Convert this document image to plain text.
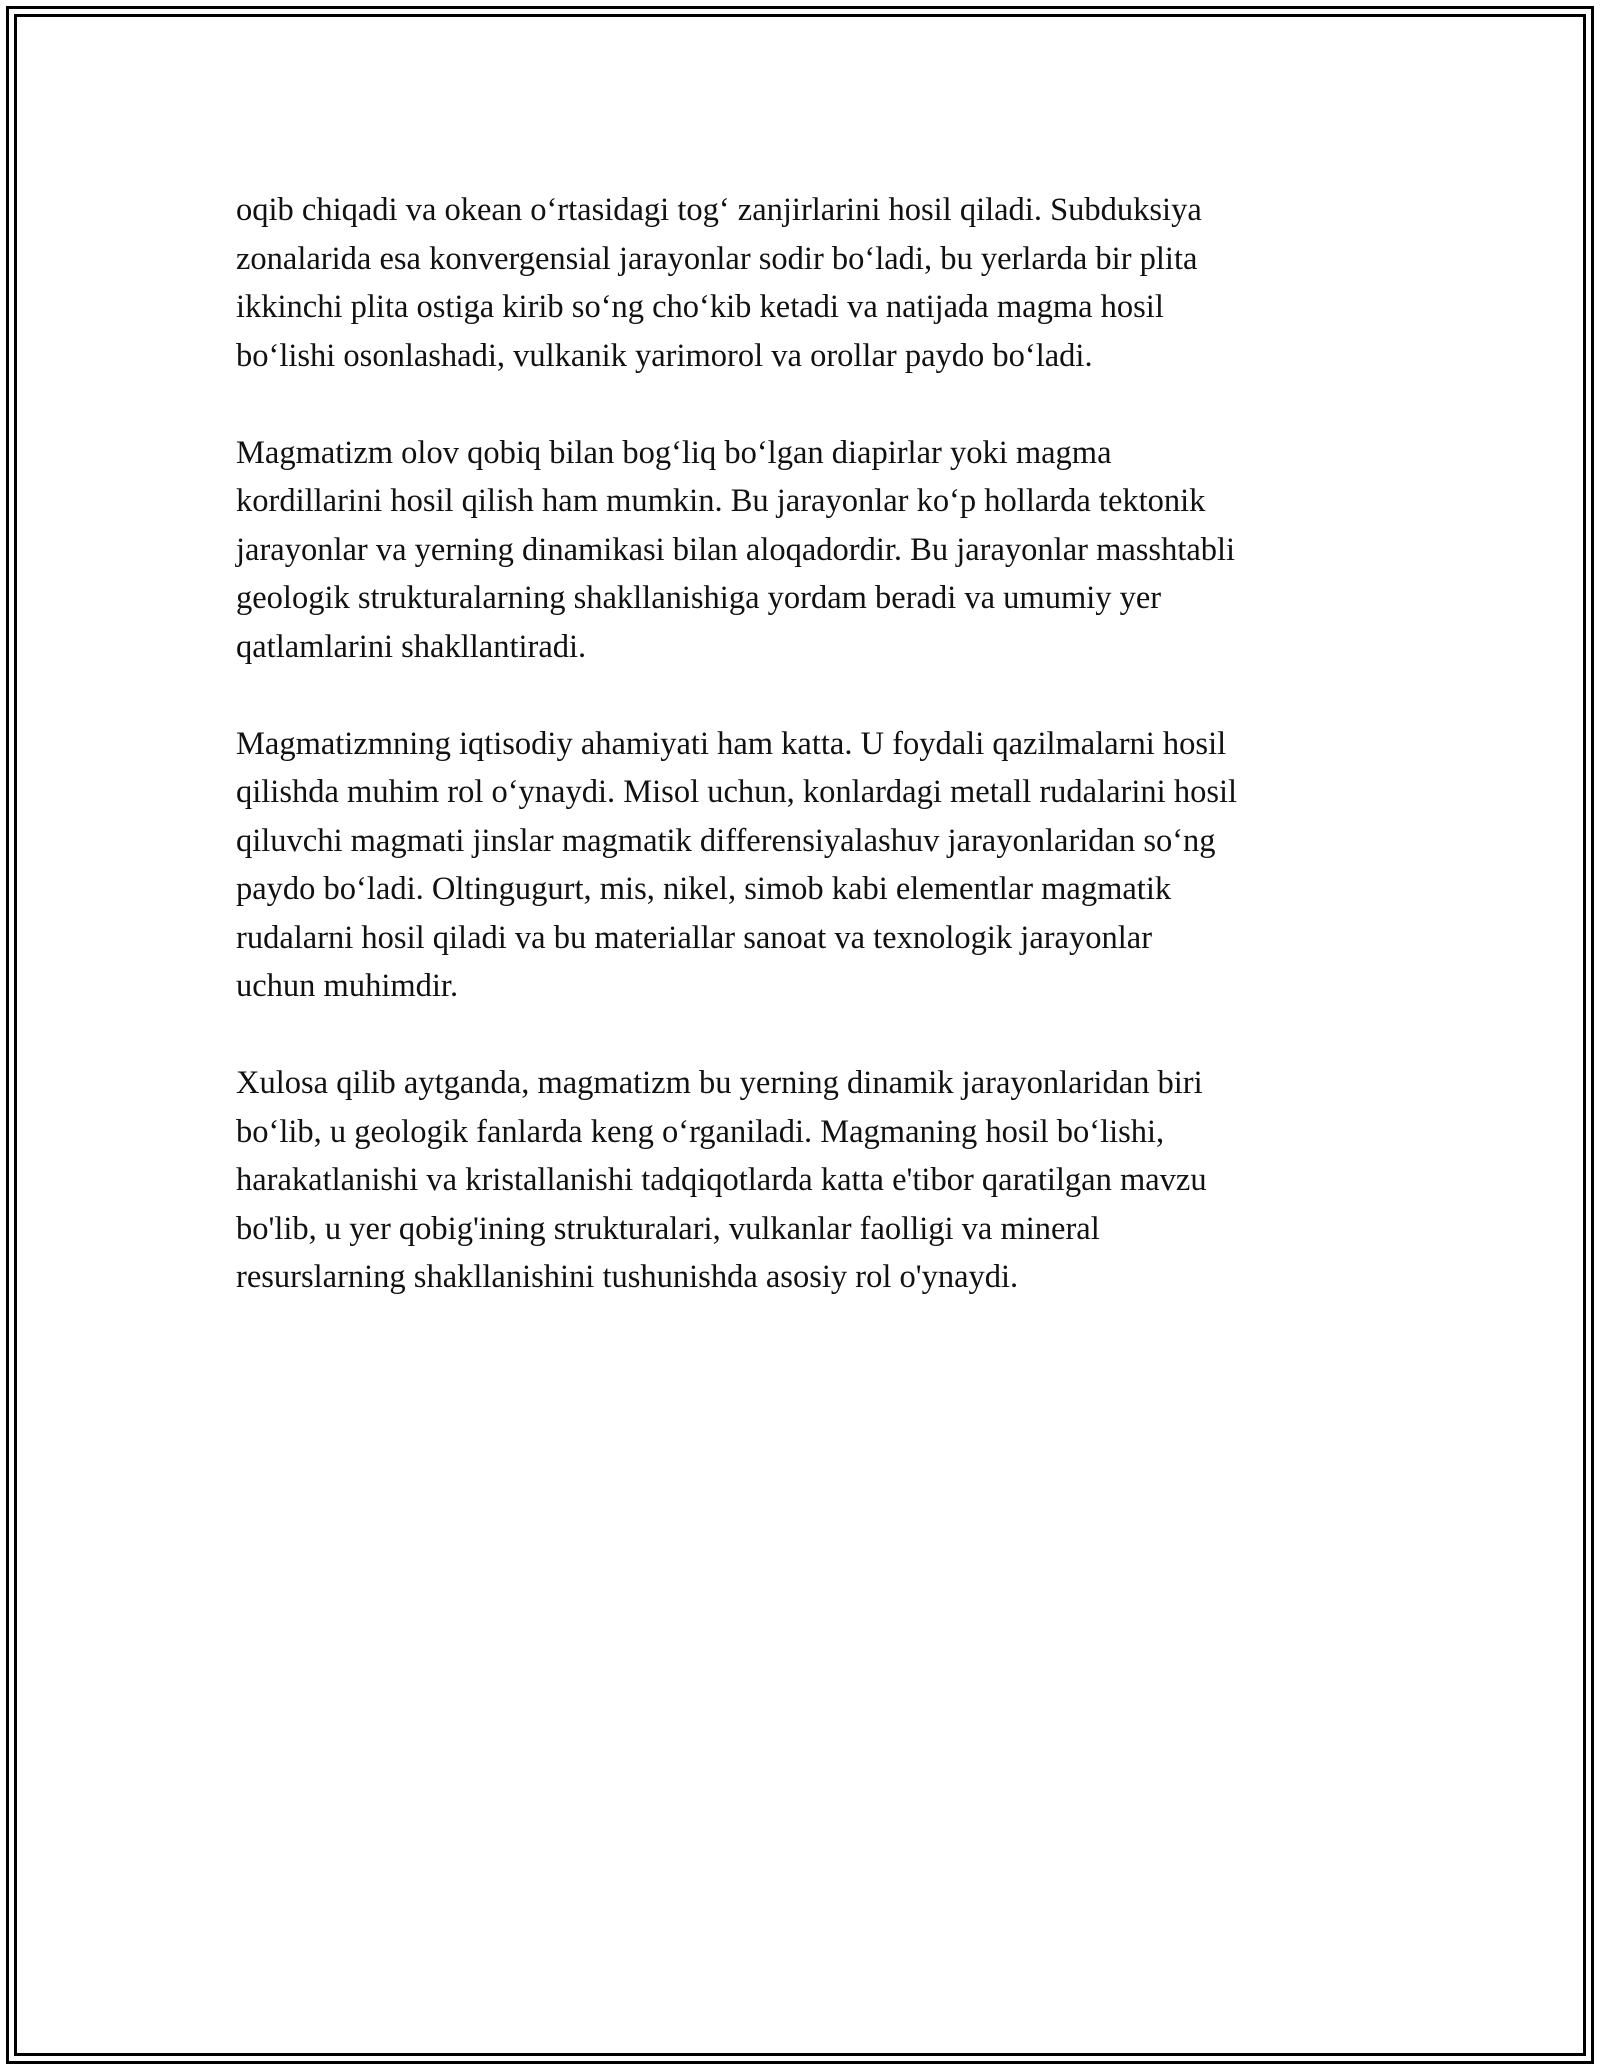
oqib chiqadi va okean oʻrtasidagi togʻ zanjirlarini hosil qiladi. Subduksiya
zonalarida esa konvergensial jarayonlar sodir boʻladi, bu yerlarda bir plita
ikkinchi plita ostiga kirib soʻng choʻkib ketadi va natijada magma hosil
boʻlishi osonlashadi, vulkanik yarimorol va orollar paydo boʻladi.

Magmatizm olov qobiq bilan bogʻliq boʻlgan diapirlar yoki magma
kordillarini hosil qilish ham mumkin. Bu jarayonlar koʻp hollarda tektonik
jarayonlar va yerning dinamikasi bilan aloqadordir. Bu jarayonlar masshtabli
geologik strukturalarning shakllanishiga yordam beradi va umumiy yer
qatlamlarini shakllantiradi.

Magmatizmning iqtisodiy ahamiyati ham katta. U foydali qazilmalarni hosil
qilishda muhim rol oʻynaydi. Misol uchun, konlardagi metall rudalarini hosil
qiluvchi magmati jinslar magmatik differensiyalashuv jarayonlaridan soʻng
paydo boʻladi. Oltingugurt, mis, nikel, simob kabi elementlar magmatik
rudalarni hosil qiladi va bu materiallar sanoat va texnologik jarayonlar
uchun muhimdir.

Xulosa qilib aytganda, magmatizm bu yerning dinamik jarayonlaridan biri
boʻlib, u geologik fanlarda keng oʻrganiladi. Magmaning hosil boʻlishi,
harakatlanishi va kristallanishi tadqiqotlarda katta e'tibor qaratilgan mavzu
bo'lib, u yer qobig'ining strukturalari, vulkanlar faolligi va mineral
resurslarning shakllanishini tushunishda asosiy rol o'ynaydi.
